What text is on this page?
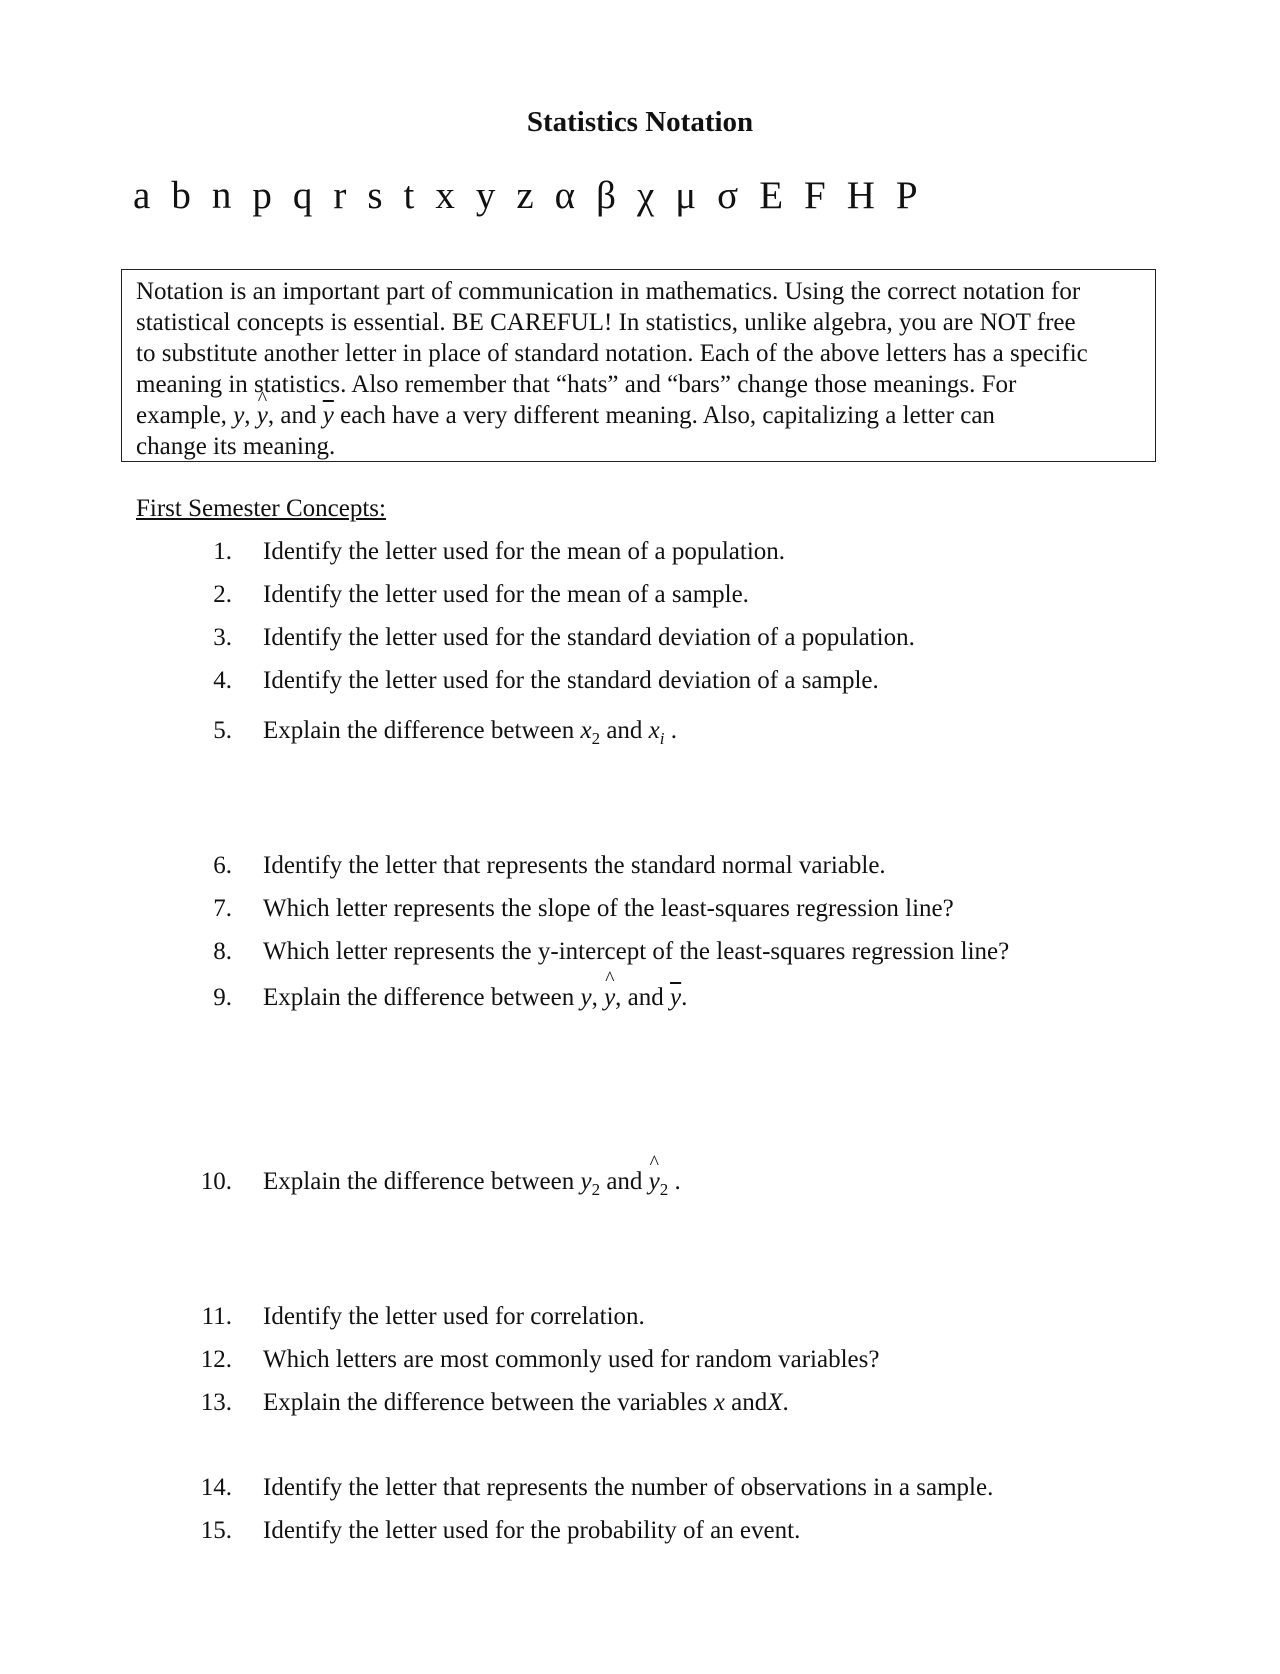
Statistics Notation
a b n p q r s t x y z α β χ μ σ E F H P
Notation is an important part of communication in mathematics. Using the correct notation for
statistical concepts is essential. BE CAREFUL! In statistics, unlike algebra, you are NOT free
to substitute another letter in place of standard notation. Each of the above letters has a specific
meaning in statistics. Also remember that “hats” and “bars” change those meanings. For
example, y, ^ y, and $\overline{y}$ each have a very different meaning. Also, capitalizing a letter can
change its meaning.
First Semester Concepts:
1. Identify the letter used for the mean of a population.
2. Identify the letter used for the mean of a sample.
3. Identify the letter used for the standard deviation of a population.
4. Identify the letter used for the standard deviation of a sample.
5. Explain the difference between $x_2$ and $x_i$ .
6. Identify the letter that represents the standard normal variable.
7. Which letter represents the slope of the least-squares regression line?
8. Which letter represents the y-intercept of the least-squares regression line?
9. Explain the difference between y, ^ y, and $\overline{y}$.
10. Explain the difference between $y_2$ and ^ $y_2$ .
11. Identify the letter used for correlation.
12. Which letters are most commonly used for random variables?
13. Explain the difference between the variables x andX.
14. Identify the letter that represents the number of observations in a sample.
15. Identify the letter used for the probability of an event.
